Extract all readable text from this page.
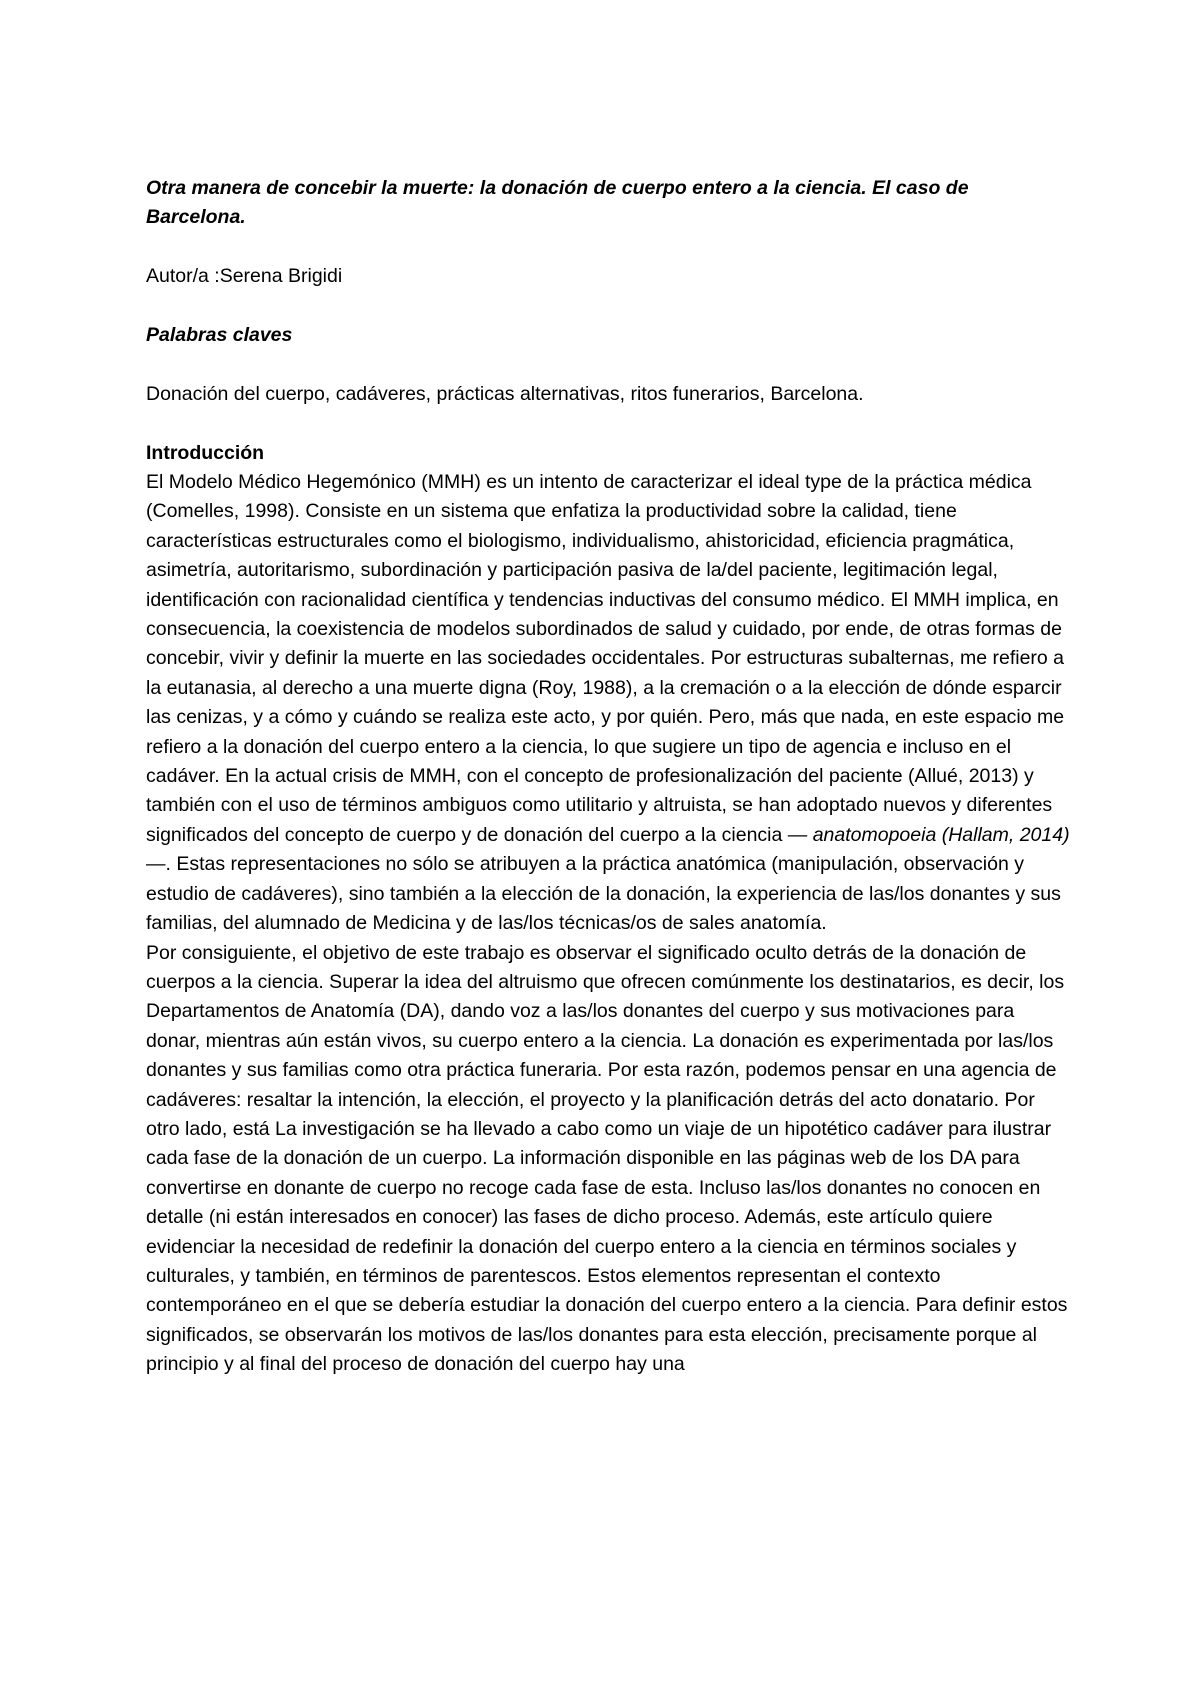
Otra manera de concebir la muerte: la donación de cuerpo entero a la ciencia. El caso de Barcelona.

Autor/a :Serena Brigidi

Palabras claves

Donación del cuerpo, cadáveres, prácticas alternativas, ritos funerarios, Barcelona.

Introducción

El Modelo Médico Hegemónico (MMH) es un intento de caracterizar el ideal type de la práctica médica (Comelles, 1998). Consiste en un sistema que enfatiza la productividad sobre la calidad, tiene características estructurales como el biologismo, individualismo, ahistoricidad, eficiencia pragmática, asimetría, autoritarismo, subordinación y participación pasiva de la/del paciente, legitimación legal, identificación con racionalidad científica y tendencias inductivas del consumo médico. El MMH implica, en consecuencia, la coexistencia de modelos subordinados de salud y cuidado, por ende, de otras formas de concebir, vivir y definir la muerte en las sociedades occidentales. Por estructuras subalternas, me refiero a la eutanasia, al derecho a una muerte digna (Roy, 1988), a la cremación o a la elección de dónde esparcir las cenizas, y a cómo y cuándo se realiza este acto, y por quién. Pero, más que nada, en este espacio me refiero a la donación del cuerpo entero a la ciencia, lo que sugiere un tipo de agencia e incluso en el cadáver. En la actual crisis de MMH, con el concepto de profesionalización del paciente (Allué, 2013) y también con el uso de términos ambiguos como utilitario y altruista, se han adoptado nuevos y diferentes significados del concepto de cuerpo y de donación del cuerpo a la ciencia — anatomopoeia (Hallam, 2014) —. Estas representaciones no sólo se atribuyen a la práctica anatómica (manipulación, observación y estudio de cadáveres), sino también a la elección de la donación, la experiencia de las/los donantes y sus familias, del alumnado de Medicina y de las/los técnicas/os de sales anatomía.

Por consiguiente, el objetivo de este trabajo es observar el significado oculto detrás de la donación de cuerpos a la ciencia. Superar la idea del altruismo que ofrecen comúnmente los destinatarios, es decir, los Departamentos de Anatomía (DA), dando voz a las/los donantes del cuerpo y sus motivaciones para donar, mientras aún están vivos, su cuerpo entero a la ciencia. La donación es experimentada por las/los donantes y sus familias como otra práctica funeraria. Por esta razón, podemos pensar en una agencia de cadáveres: resaltar la intención, la elección, el proyecto y la planificación detrás del acto donatario. Por otro lado, está La investigación se ha llevado a cabo como un viaje de un hipotético cadáver para ilustrar cada fase de la donación de un cuerpo. La información disponible en las páginas web de los DA para convertirse en donante de cuerpo no recoge cada fase de esta. Incluso las/los donantes no conocen en detalle (ni están interesados en conocer) las fases de dicho proceso. Además, este artículo quiere evidenciar la necesidad de redefinir la donación del cuerpo entero a la ciencia en términos sociales y culturales, y también, en términos de parentescos. Estos elementos representan el contexto contemporáneo en el que se debería estudiar la donación del cuerpo entero a la ciencia. Para definir estos significados, se observarán los motivos de las/los donantes para esta elección, precisamente porque al principio y al final del proceso de donación del cuerpo hay una
